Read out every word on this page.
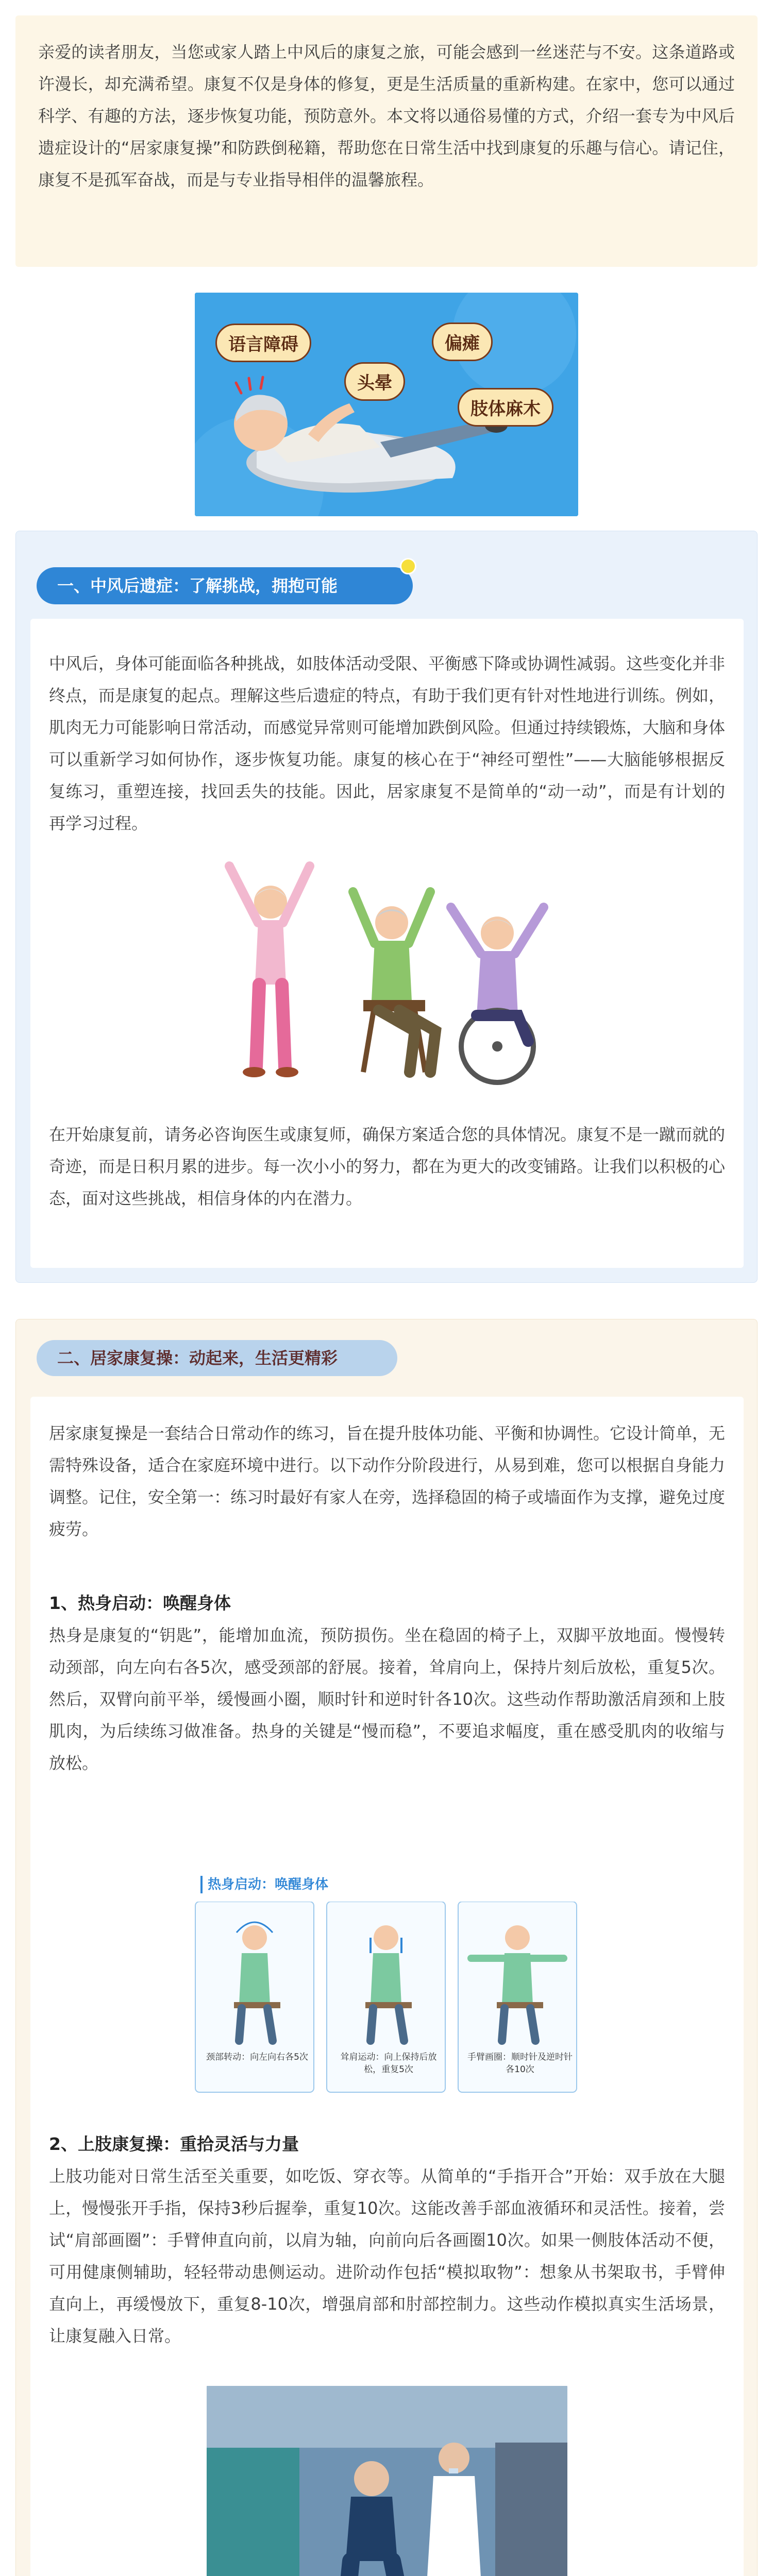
亲爱的读者朋友，当您或家人踏上中风后的康复之旅，可能会感到一丝迷茫与不安。这条道路或许漫长，却充满希望。康复不仅是身体的修复，更是生活质量的重新构建。在家中，您可以通过科学、有趣的方法，逐步恢复功能，预防意外。本文将以通俗易懂的方式，介绍一套专为中风后遗症设计的“居家康复操”和防跌倒秘籍，帮助您在日常生活中找到康复的乐趣与信心。请记住，康复不是孤军奋战，而是与专业指导相伴的温馨旅程。

语言障碍	偏瘫
头晕
肢体麻木
一、中风后遗症：了解挑战，拥抱可能

中风后，身体可能面临各种挑战，如肢体活动受限、平衡感下降或协调性减弱。这些变化并非终点，而是康复的起点。理解这些后遗症的特点，有助于我们更有针对性地进行训练。例如，肌肉无力可能影响日常活动，而感觉异常则可能增加跌倒风险。但通过持续锻炼，大脑和身体可以重新学习如何协作，逐步恢复功能。康复的核心在于“神经可塑性”——大脑能够根据反复练习，重塑连接，找回丢失的技能。因此，居家康复不是简单的“动一动”，而是有计划的再学习过程。

在开始康复前，请务必咨询医生或康复师，确保方案适合您的具体情况。康复不是一蹴而就的奇迹，而是日积月累的进步。每一次小小的努力，都在为更大的改变铺路。让我们以积极的心态，面对这些挑战，相信身体的内在潜力。

二、居家康复操：动起来，生活更精彩

居家康复操是一套结合日常动作的练习，旨在提升肢体功能、平衡和协调性。它设计简单，无需特殊设备，适合在家庭环境中进行。以下动作分阶段进行，从易到难，您可以根据自身能力调整。记住，安全第一：练习时最好有家人在旁，选择稳固的椅子或墙面作为支撑，避免过度疲劳。

1、热身启动：唤醒身体

热身是康复的“钥匙”，能增加血流，预防损伤。坐在稳固的椅子上，双脚平放地面。慢慢转动颈部，向左向右各5次，感受颈部的舒展。接着，耸肩向上，保持片刻后放松，重复5次。然后，双臂向前平举，缓慢画小圈，顺时针和逆时针各10次。这些动作帮助激活肩颈和上肢肌肉，为后续练习做准备。热身的关键是“慢而稳”，不要追求幅度，重在感受肌肉的收缩与放松。

热身启动：唤醒身体
颈部转动：向左向右各5次	耸肩运动：向上保持后放松，重复5次
手臂画圈：顺时针及逆时针各10次
2、上肢康复操：重拾灵活与力量

上肢功能对日常生活至关重要，如吃饭、穿衣等。从简单的“手指开合”开始：双手放在大腿上，慢慢张开手指，保持3秒后握拳，重复10次。这能改善手部血液循环和灵活性。接着，尝试“肩部画圈”：手臂伸直向前，以肩为轴，向前向后各画圈10次。如果一侧肢体活动不便，可用健康侧辅助，轻轻带动患侧运动。进阶动作包括“模拟取物”：想象从书架取书，手臂伸直向上，再缓慢放下，重复8-10次，增强肩部和肘部控制力。这些动作模拟真实生活场景，让康复融入日常。
